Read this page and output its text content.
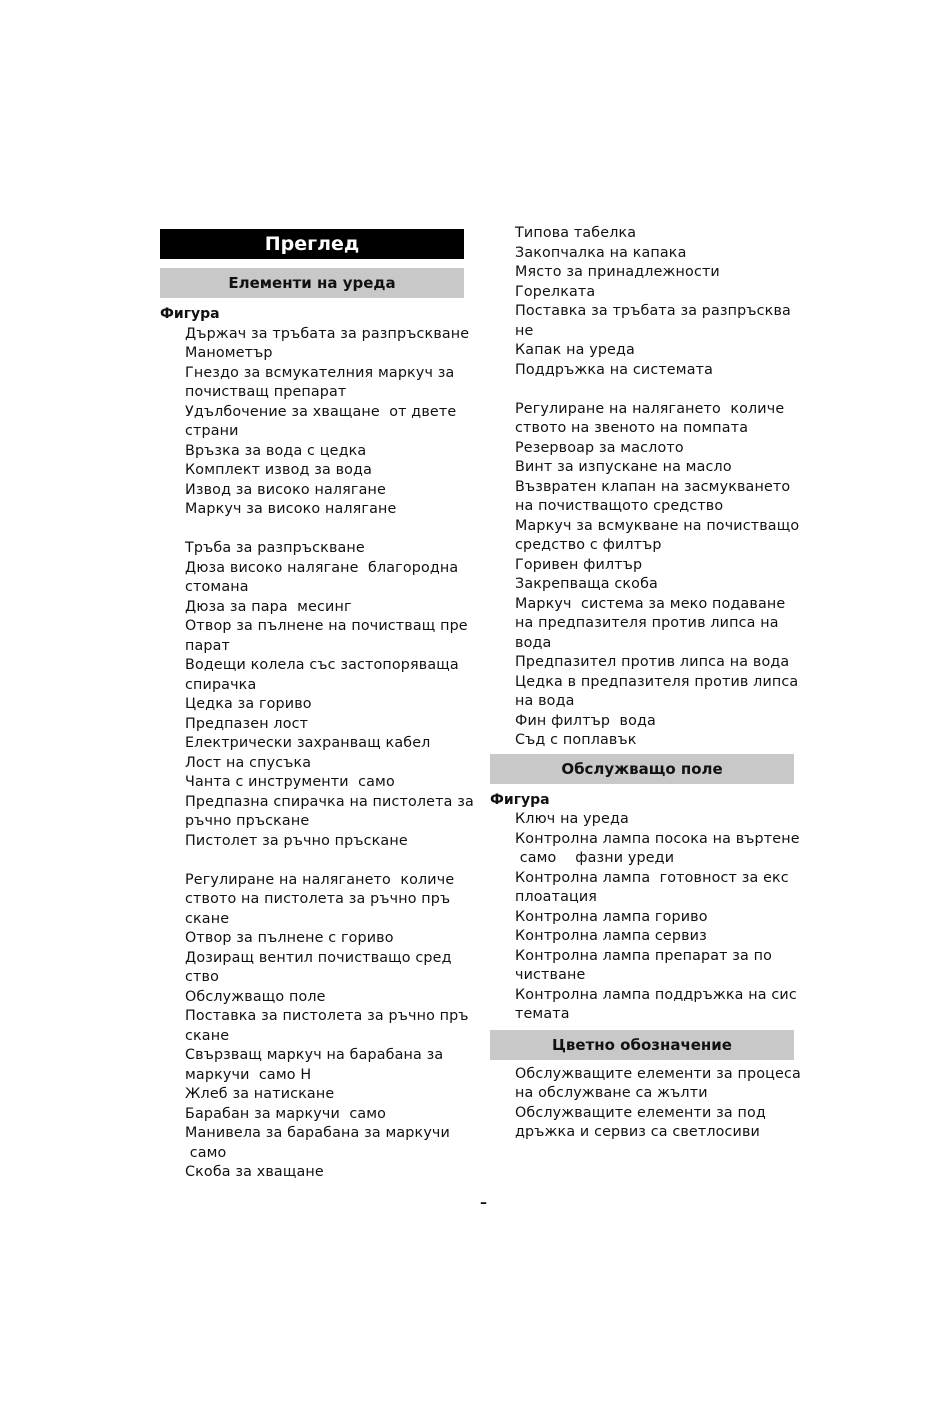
Преглед
Елементи на уреда
Фигура
Държач за тръбата за разпръскване
Манометър
Гнездо за всмукателния маркуч за
почистващ препарат
Удълбочение за хващане  от двете
страни
Връзка за вода с цедка
Комплект извод за вода
Извод за високо налягане
Маркуч за високо налягане
Тръба за разпръскване
Дюза високо налягане  благородна
стомана
Дюза за пара  месинг
Отвор за пълнене на почистващ пре
парат
Водещи колела със застопоряваща
спирачка
Цедка за гориво
Предпазен лост
Електрически захранващ кабел
Лост на спусъка
Чанта с инструменти  само
Предпазна спирачка на пистолета за
ръчно пръскане
Пистолет за ръчно пръскане
Регулиране на налягането  количе
ството на пистолета за ръчно пръ
скане
Отвор за пълнене с гориво
Дозиращ вентил почистващо сред
ство
Обслужващо поле
Поставка за пистолета за ръчно пръ
скане
Свързващ маркуч на барабана за
маркучи  само H
Жлеб за натискане
Барабан за маркучи  само
Манивела за барабана за маркучи
само
Скоба за хващане
Типова табелка
Закопчалка на капака
Място за принадлежности
Горелката
Поставка за тръбата за разпръсква
не
Капак на уреда
Поддръжка на системата
Регулиране на налягането  количе
ството на звеното на помпата
Резервоар за маслото
Винт за изпускане на масло
Възвратен клапан на засмукването
на почистващото средство
Маркуч за всмукване на почистващо
средство с филтър
Горивен филтър
Закрепваща скоба
Маркуч  система за меко подаване
на предпазителя против липса на
вода
Предпазител против липса на вода
Цедка в предпазителя против липса
на вода
Фин филтър  вода
Съд с поплавък
Обслужващо поле
Фигура
Ключ на уреда
Контролна лампа посока на въртене
само    фазни уреди
Контролна лампа  готовност за екс
плоатация
Контролна лампа гориво
Контролна лампа сервиз
Контролна лампа препарат за по
чистване
Контролна лампа поддръжка на сис
темата
Цветно обозначение
Обслужващите елементи за процеса
на обслужване са жълти
Обслужващите елементи за под
дръжка и сервиз са светлосиви
–
